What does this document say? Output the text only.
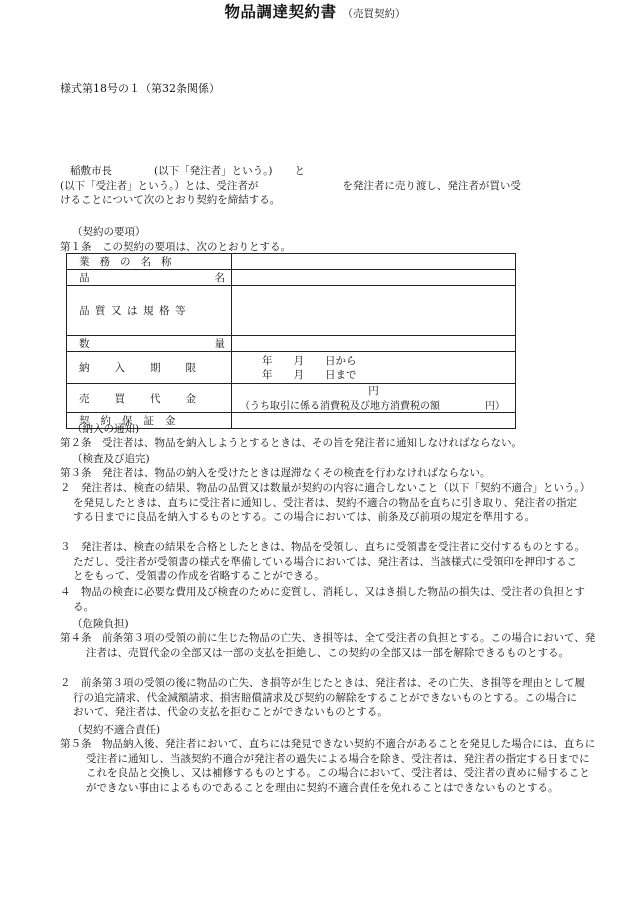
様式第18号の１（第32条関係）
物品調達契約書 （売買契約）
稲敷市長	(以下「発注者」という。) と
(以下「受注者」という。）とは、受注者が	を発注者に売り渡し、発注者が買い受
けることについて次のとおり契約を締結する。
（契約の要項）
第１条　この契約の要項は、次のとおりとする。
業務の名称	

品 名	

品質又は規格等	

数 量	

納入期限	年　　月　　日から
年　　月　　日まで

売買代金	円
（うち取引に係る消費税及び地方消費税の額 円）

契約保証金	

（納入の通知)
第２条　受注者は、物品を納入しようとするときは、その旨を発注者に通知しなければならない。
（検査及び追完)
第３条　発注者は、物品の納入を受けたときは遅滞なくその検査を行わなければならない。
２　発注者は、検査の結果、物品の品質又は数量が契約の内容に適合しないこと（以下「契約不適合」という。）を発見したときは、直ちに受注者に通知し、受注者は、契約不適合の物品を直ちに引き取り、発注者の指定する日までに良品を納入するものとする。この場合においては、前条及び前項の規定を準用する。
３　発注者は、検査の結果を合格としたときは、物品を受領し、直ちに受領書を受注者に交付するものとする。ただし、受注者が受領書の様式を準備している場合においては、発注者は、当該様式に受領印を押印することをもって、受領書の作成を省略することができる。
４　物品の検査に必要な費用及び検査のために変質し、消耗し、又はき損した物品の損失は、受注者の負担とする。
（危険負担)
第４条　前条第３項の受領の前に生じた物品の亡失、き損等は、全て受注者の負担とする。この場合において、発注者は、売買代金の全部又は一部の支払を拒絶し、この契約の全部又は一部を解除できるものとする。
２　前条第３項の受領の後に物品の亡失、き損等が生じたときは、発注者は、その亡失、き損等を理由として履行の追完請求、代金減額請求、損害賠償請求及び契約の解除をすることができないものとする。この場合において、発注者は、代金の支払を拒むことができないものとする。
（契約不適合責任)
第５条　物品納入後、発注者において、直ちには発見できない契約不適合があることを発見した場合には、直ちに受注者に通知し、当該契約不適合が発注者の過失による場合を除き、受注者は、発注者の指定する日までにこれを良品と交換し、又は補修するものとする。この場合において、受注者は、受注者の責めに帰することができない事由によるものであることを理由に契約不適合責任を免れることはできないものとする。
